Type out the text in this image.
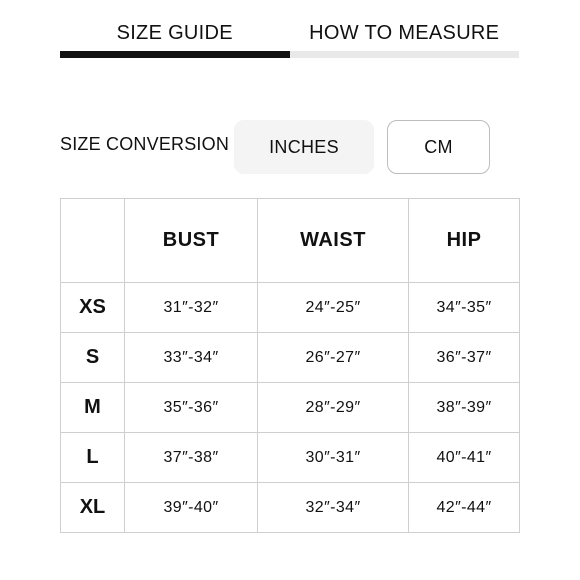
SIZE GUIDE	HOW TO MEASURE
SIZE CONVERSION	INCHES	CM
	BUST	WAIST	HIP
XS	31″-32″	24″-25″	34″-35″
S	33″-34″	26″-27″	36″-37″
M	35″-36″	28″-29″	38″-39″
L	37″-38″	30″-31″	40″-41″
XL	39″-40″	32″-34″	42″-44″
